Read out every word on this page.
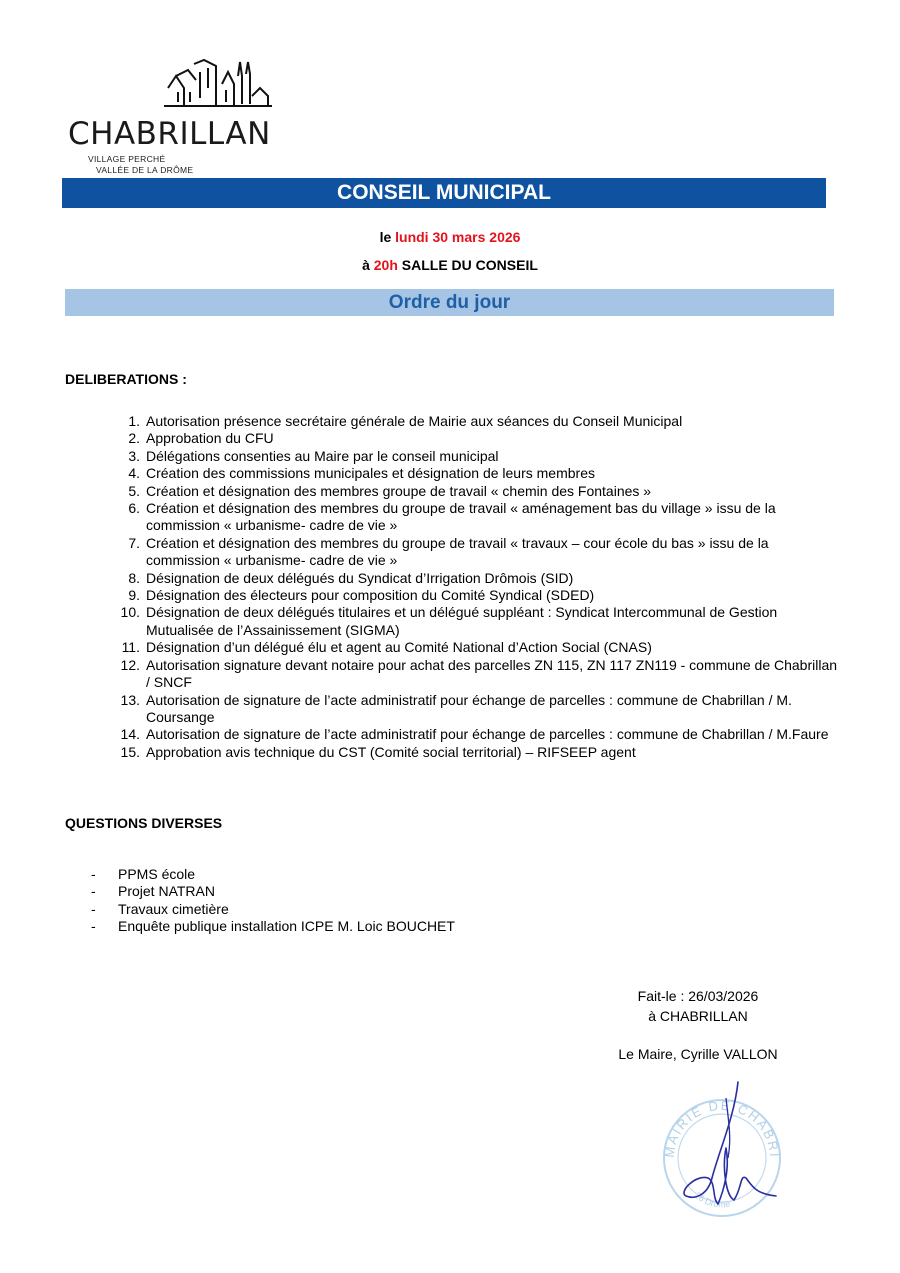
CHABRILLAN
VILLAGE PERCHÉ
VALLÉE DE LA DRÔME
CONSEIL MUNICIPAL
le lundi 30 mars 2026
à 20h SALLE DU CONSEIL
Ordre du jour
DELIBERATIONS :
1. Autorisation présence secrétaire générale de Mairie aux séances du Conseil Municipal
2. Approbation du CFU
3. Délégations consenties au Maire par le conseil municipal
4. Création des commissions municipales et désignation de leurs membres
5. Création et désignation des membres groupe de travail « chemin des Fontaines »
6. Création et désignation des membres du groupe de travail « aménagement bas du village » issu de la commission « urbanisme- cadre de vie »
7. Création et désignation des membres du groupe de travail « travaux – cour école du bas » issu de la commission « urbanisme- cadre de vie »
8. Désignation de deux délégués du Syndicat d’Irrigation Drômois (SID)
9. Désignation des électeurs pour composition du Comité Syndical (SDED)
10. Désignation de deux délégués titulaires et un délégué suppléant : Syndicat Intercommunal de Gestion Mutualisée de l’Assainissement (SIGMA)
11. Désignation d’un délégué élu et agent au Comité National d’Action Social (CNAS)
12. Autorisation signature devant notaire pour achat des parcelles ZN 115, ZN 117 ZN119 - commune de Chabrillan / SNCF
13. Autorisation de signature de l’acte administratif pour échange de parcelles : commune de Chabrillan / M. Coursange
14. Autorisation de signature de l’acte administratif pour échange de parcelles : commune de Chabrillan / M.Faure
15. Approbation avis technique du CST (Comité social territorial) – RIFSEEP agent
QUESTIONS DIVERSES
- PPMS école
- Projet NATRAN
- Travaux cimetière
- Enquête publique installation ICPE M. Loic BOUCHET
Fait-le : 26/03/2026
à CHABRILLAN
Le Maire, Cyrille VALLON
MAIRIE DE CHABRI
26 Drôme
